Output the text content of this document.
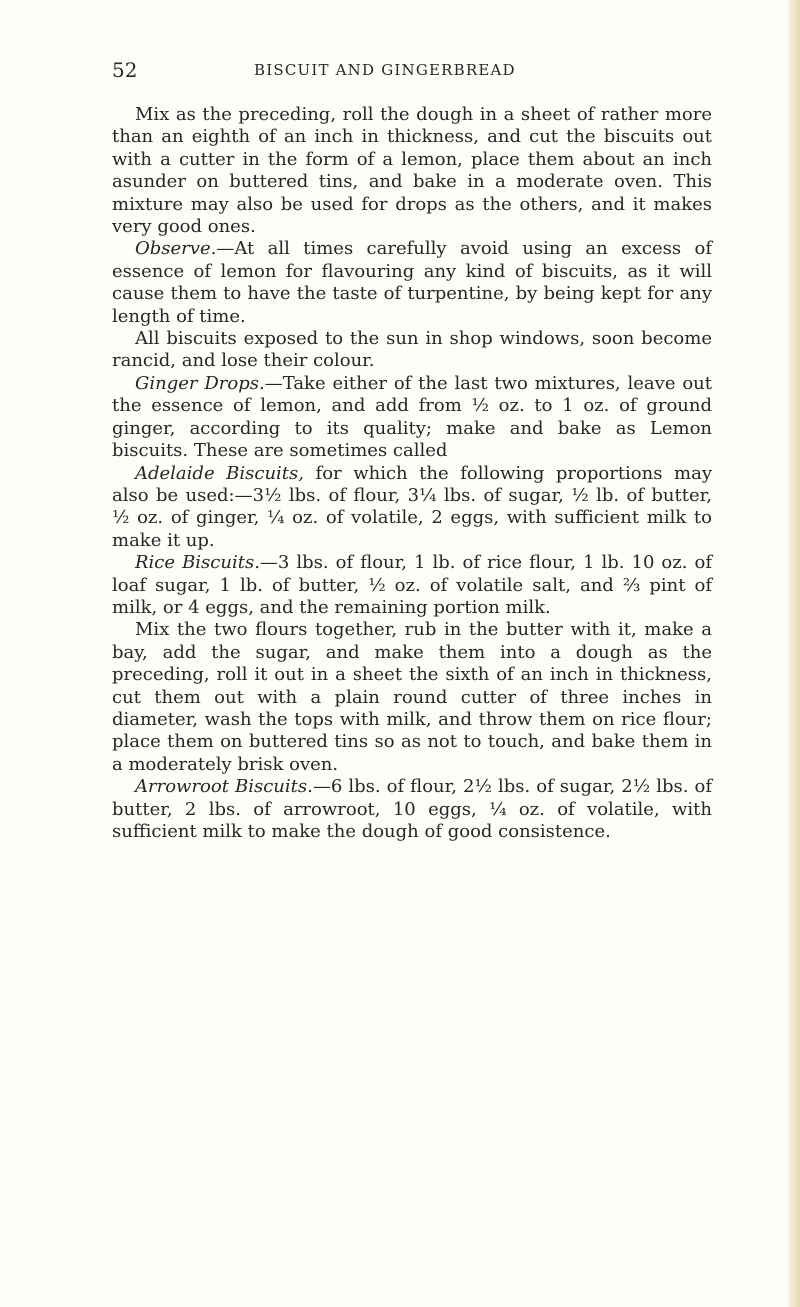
52	BISCUIT AND GINGERBREAD

Mix as the preceding, roll the dough in a sheet of rather more than an eighth of an inch in thickness, and cut the biscuits out with a cutter in the form of a lemon, place them about an inch asunder on buttered tins, and bake in a moderate oven. This mixture may also be used for drops as the others, and it makes very good ones.

Observe.—At all times carefully avoid using an excess of essence of lemon for flavouring any kind of biscuits, as it will cause them to have the taste of turpentine, by being kept for any length of time.

All biscuits exposed to the sun in shop windows, soon become rancid, and lose their colour.

Ginger Drops.—Take either of the last two mixtures, leave out the essence of lemon, and add from ½ oz. to 1 oz. of ground ginger, according to its quality; make and bake as Lemon biscuits. These are sometimes called

Adelaide Biscuits, for which the following proportions may also be used:—3½ lbs. of flour, 3¼ lbs. of sugar, ½ lb. of butter, ½ oz. of ginger, ¼ oz. of volatile, 2 eggs, with sufficient milk to make it up.

Rice Biscuits.—3 lbs. of flour, 1 lb. of rice flour, 1 lb. 10 oz. of loaf sugar, 1 lb. of butter, ½ oz. of volatile salt, and ⅔ pint of milk, or 4 eggs, and the remaining portion milk.

Mix the two flours together, rub in the butter with it, make a bay, add the sugar, and make them into a dough as the preceding, roll it out in a sheet the sixth of an inch in thickness, cut them out with a plain round cutter of three inches in diameter, wash the tops with milk, and throw them on rice flour; place them on buttered tins so as not to touch, and bake them in a moderately brisk oven.

Arrowroot Biscuits.—6 lbs. of flour, 2½ lbs. of sugar, 2½ lbs. of butter, 2 lbs. of arrowroot, 10 eggs, ¼ oz. of volatile, with sufficient milk to make the dough of good consistence.
